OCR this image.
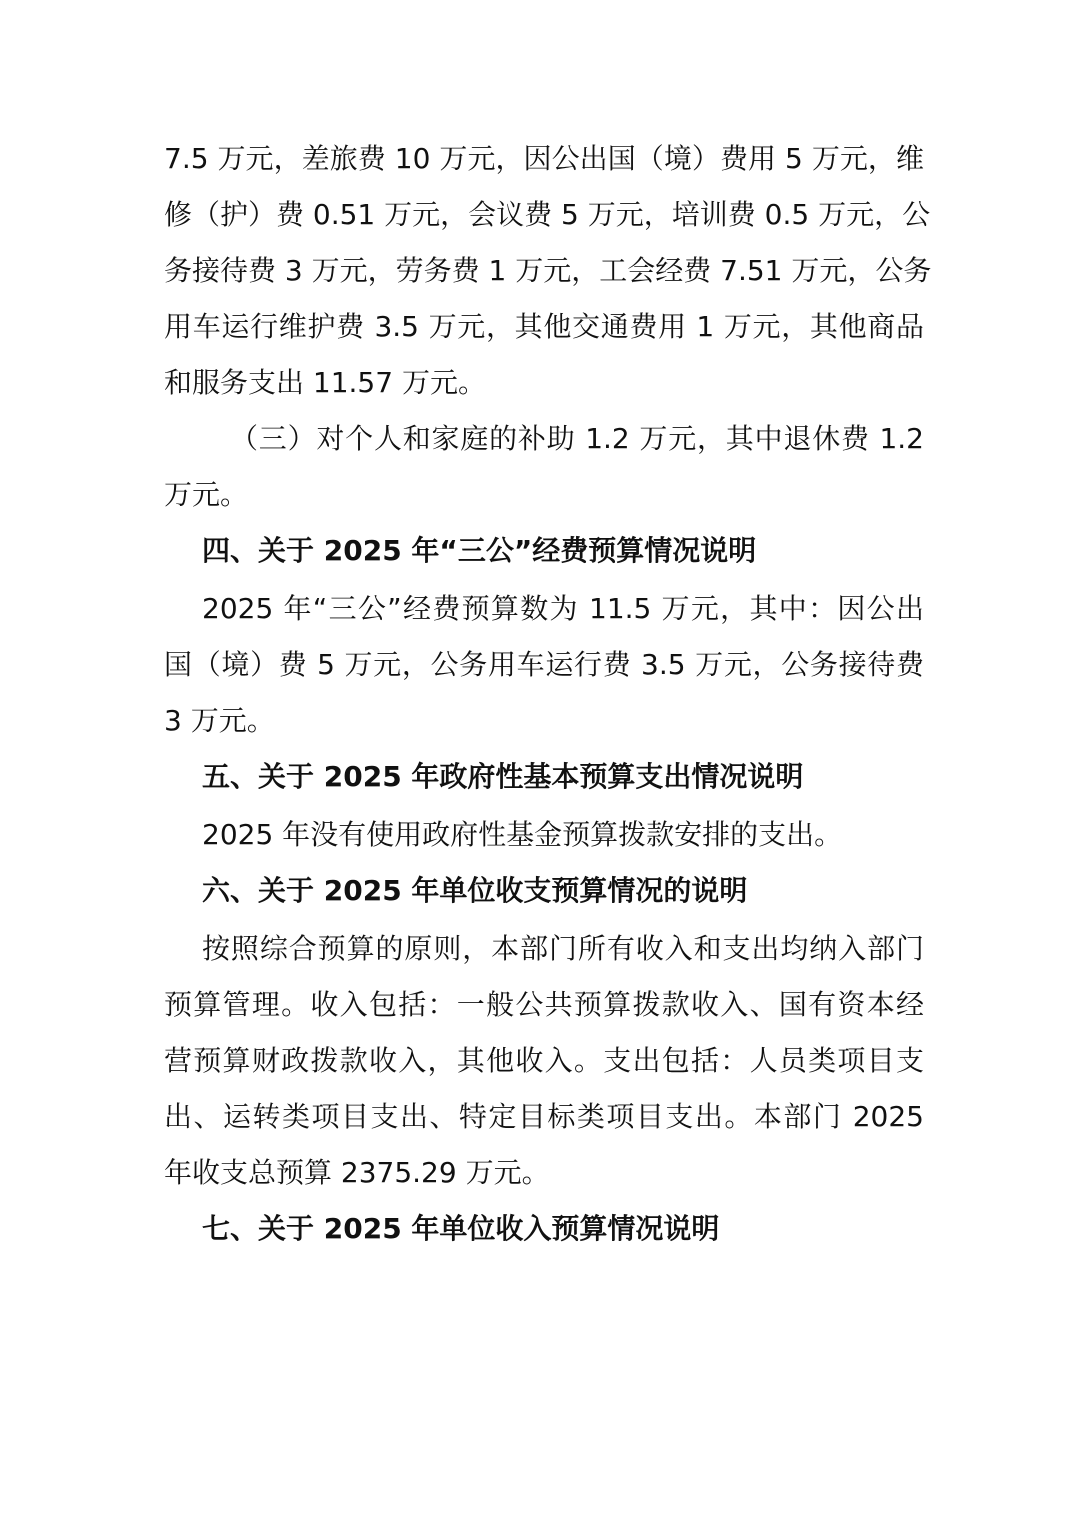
7.5 万元，差旅费 10 万元，因公出国（境）费用 5 万元，维
修（护）费 0.51 万元，会议费 5 万元，培训费 0.5 万元，公
务接待费 3 万元，劳务费 1 万元，工会经费 7.51 万元，公务
用车运行维护费 3.5 万元，其他交通费用 1 万元，其他商品
和服务支出 11.57 万元。
（三）对个人和家庭的补助 1.2 万元，其中退休费 1.2
万元。
四、关于 2025 年“三公”经费预算情况说明
2025 年“三公”经费预算数为 11.5 万元，其中：因公出
国（境）费 5 万元，公务用车运行费 3.5 万元，公务接待费
3 万元。
五、关于 2025 年政府性基本预算支出情况说明
2025 年没有使用政府性基金预算拨款安排的支出。
六、关于 2025 年单位收支预算情况的说明
按照综合预算的原则，本部门所有收入和支出均纳入部门
预算管理。收入包括：一般公共预算拨款收入、国有资本经
营预算财政拨款收入，其他收入。支出包括：人员类项目支
出、运转类项目支出、特定目标类项目支出。本部门 2025
年收支总预算 2375.29 万元。
七、关于 2025 年单位收入预算情况说明
